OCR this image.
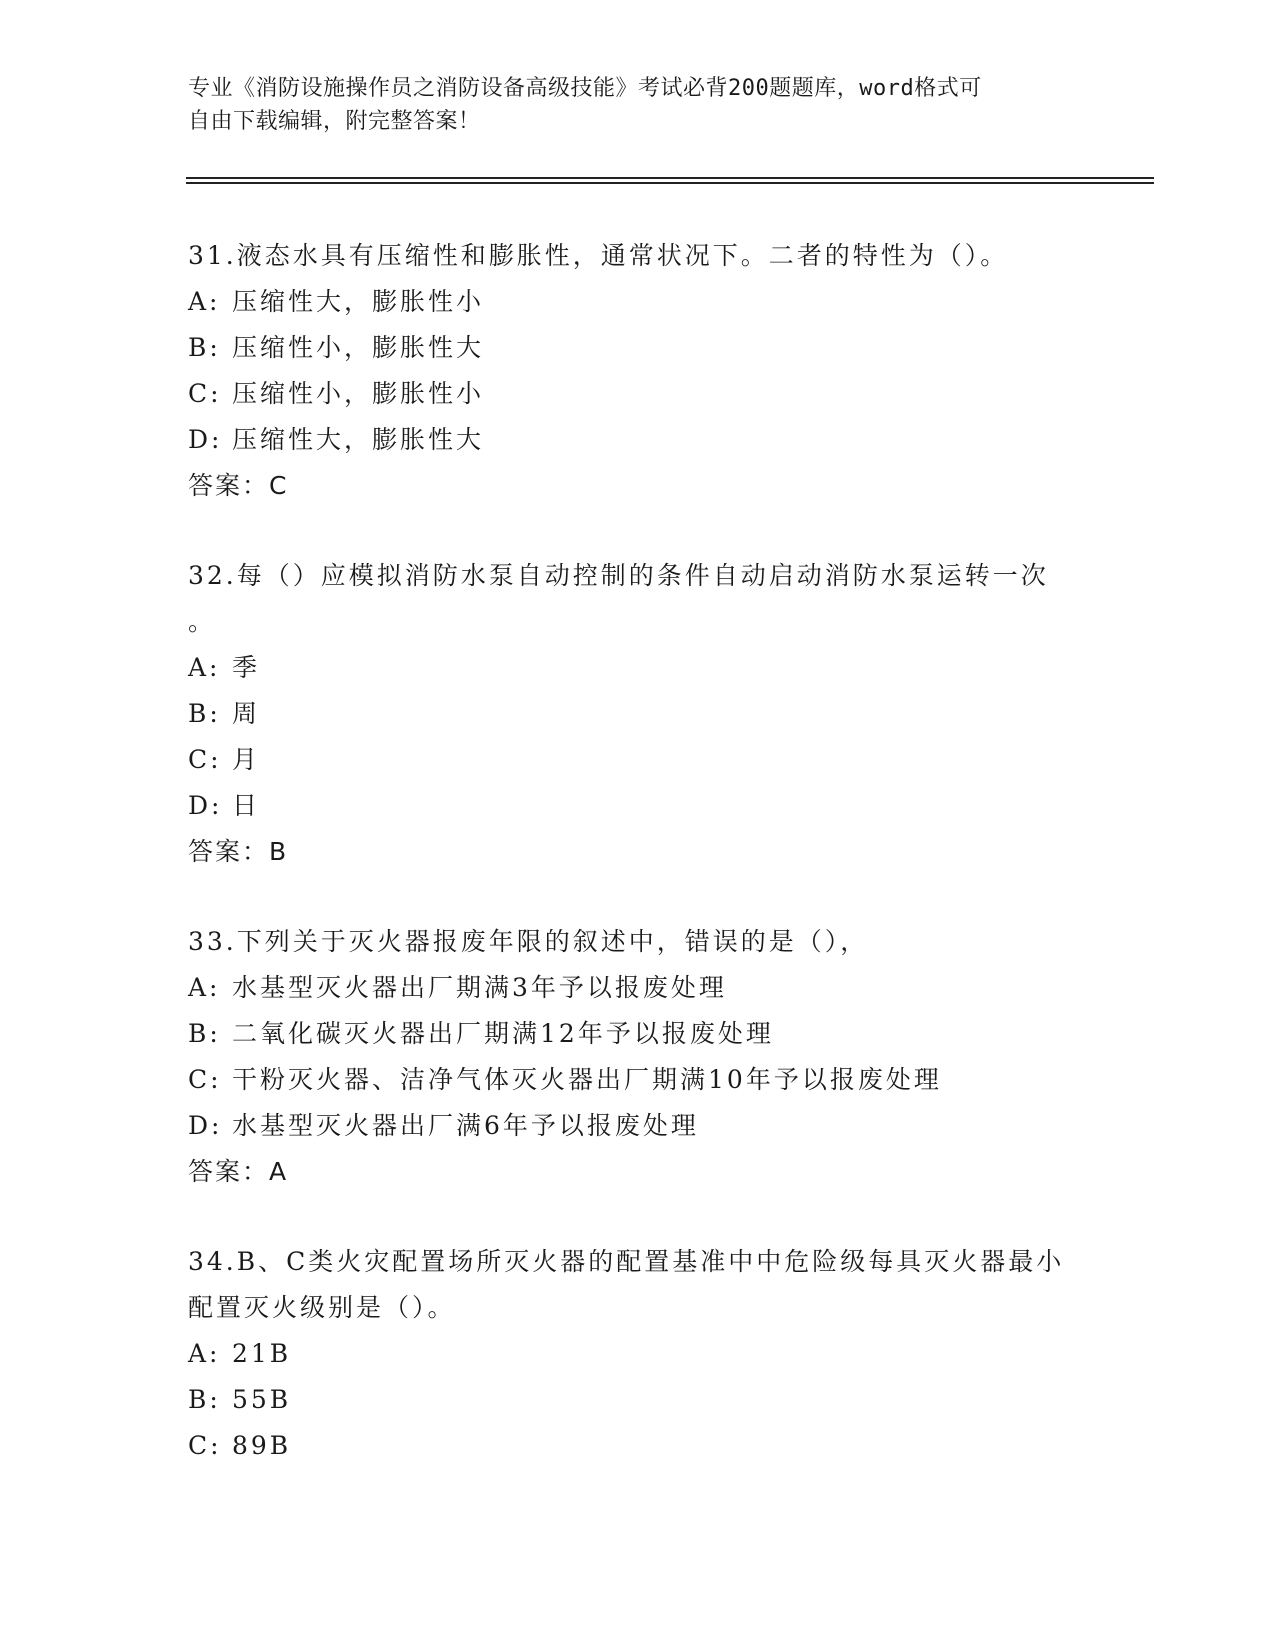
专业《消防设施操作员之消防设备高级技能》考试必背200题题库，word格式可
自由下载编辑，附完整答案！
31.液态水具有压缩性和膨胀性，通常状况下。二者的特性为（）。
A: 压缩性大，膨胀性小
B: 压缩性小，膨胀性大
C: 压缩性小，膨胀性小
D: 压缩性大，膨胀性大
答案：C
32.每（）应模拟消防水泵自动控制的条件自动启动消防水泵运转一次
。
A: 季
B: 周
C: 月
D: 日
答案：B
33.下列关于灭火器报废年限的叙述中，错误的是（），
A: 水基型灭火器出厂期满3年予以报废处理
B: 二氧化碳灭火器出厂期满12年予以报废处理
C: 干粉灭火器、洁净气体灭火器出厂期满10年予以报废处理
D: 水基型灭火器出厂满6年予以报废处理
答案：A
34.B、C类火灾配置场所灭火器的配置基准中中危险级每具灭火器最小
配置灭火级别是（）。
A: 21B
B: 55B
C: 89B
